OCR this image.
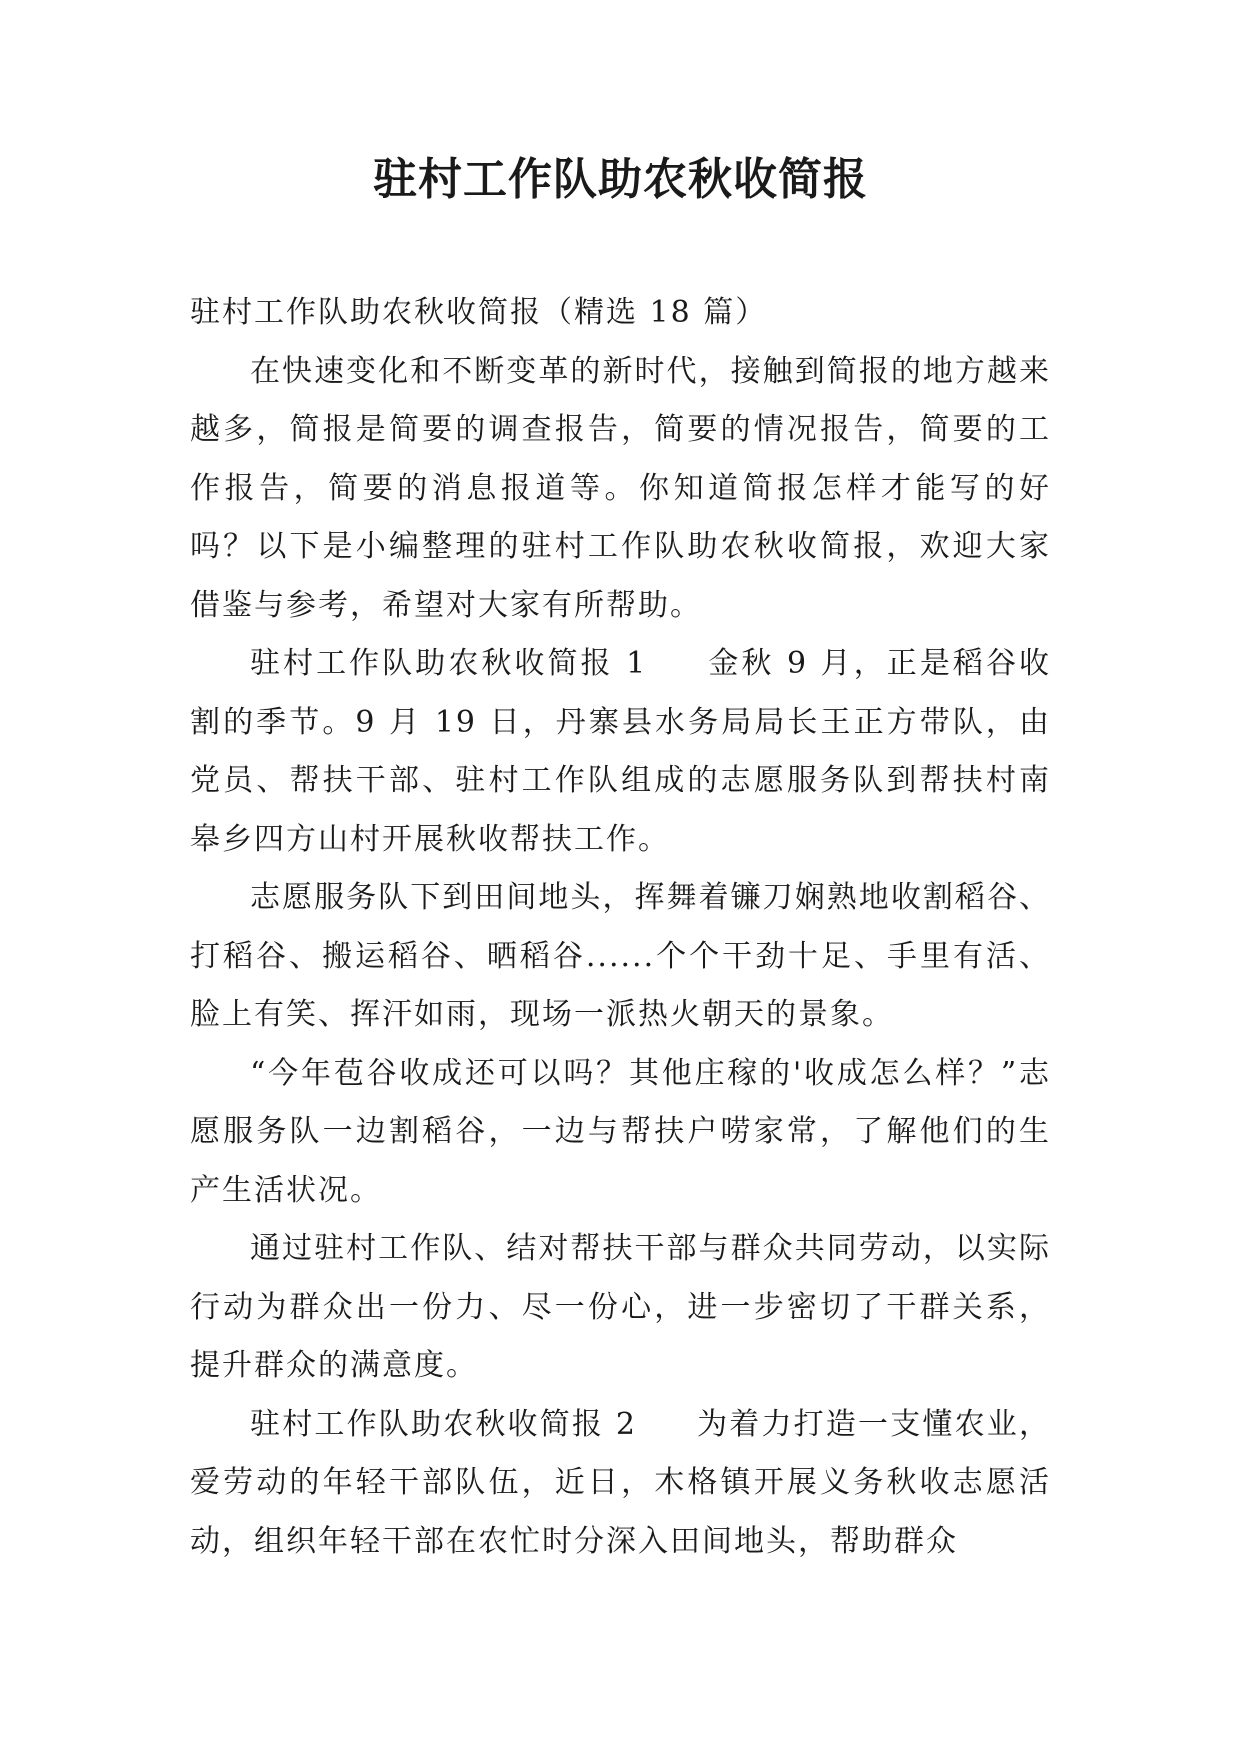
驻村工作队助农秋收简报

驻村工作队助农秋收简报（精选 18 篇）

在快速变化和不断变革的新时代，接触到简报的地方越来越多，简报是简要的调查报告，简要的情况报告，简要的工作报告，简要的消息报道等。你知道简报怎样才能写的好吗？以下是小编整理的驻村工作队助农秋收简报，欢迎大家借鉴与参考，希望对大家有所帮助。

驻村工作队助农秋收简报 1 金秋 9 月，正是稻谷收割的季节。9 月 19 日，丹寨县水务局局长王正方带队，由党员、帮扶干部、驻村工作队组成的志愿服务队到帮扶村南皋乡四方山村开展秋收帮扶工作。

志愿服务队下到田间地头，挥舞着镰刀娴熟地收割稻谷、打稻谷、搬运稻谷、晒稻谷......个个干劲十足、手里有活、脸上有笑、挥汗如雨，现场一派热火朝天的景象。

“今年苞谷收成还可以吗？其他庄稼的'收成怎么样？”志愿服务队一边割稻谷，一边与帮扶户唠家常，了解他们的生产生活状况。

通过驻村工作队、结对帮扶干部与群众共同劳动，以实际行动为群众出一份力、尽一份心，进一步密切了干群关系，提升群众的满意度。

驻村工作队助农秋收简报 2 为着力打造一支懂农业，爱劳动的年轻干部队伍，近日，木格镇开展义务秋收志愿活动，组织年轻干部在农忙时分深入田间地头，帮助群众
